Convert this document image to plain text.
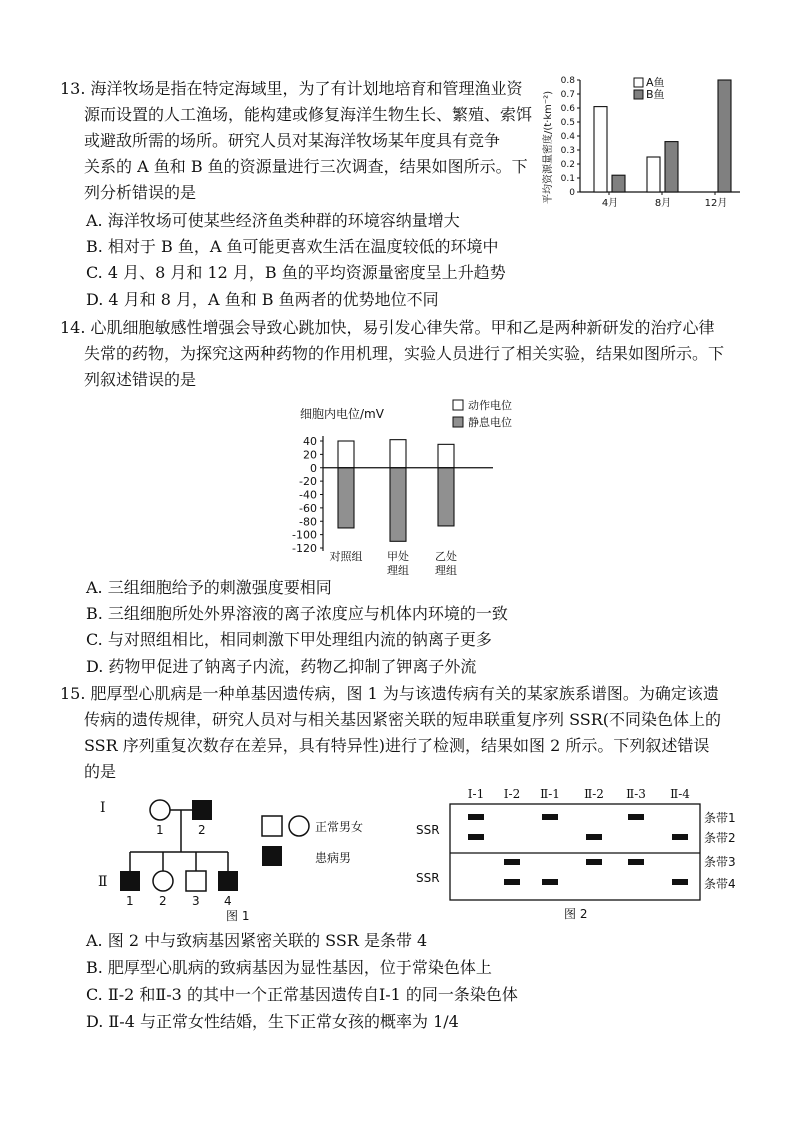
13. 海洋牧场是指在特定海域里，为了有计划地培育和管理渔业资
源而设置的人工渔场，能构建或修复海洋生物生长、繁殖、索饵
或避敌所需的场所。研究人员对某海洋牧场某年度具有竞争
关系的 A 鱼和 B 鱼的资源量进行三次调查，结果如图所示。下
列分析错误的是
A. 海洋牧场可使某些经济鱼类种群的环境容纳量增大
B. 相对于 B 鱼，A 鱼可能更喜欢生活在温度较低的环境中
C. 4 月、8 月和 12 月，B 鱼的平均资源量密度呈上升趋势
D. 4 月和 8 月，A 鱼和 B 鱼两者的优势地位不同
平均资源量密度/(t·km⁻²) 0
0.1
0.2
0.3
0.4
0.5
0.6
0.7
0.8
4月	8月	12月
A鱼
B鱼
14. 心肌细胞敏感性增强会导致心跳加快，易引发心律失常。甲和乙是两种新研发的治疗心律
失常的药物，为探究这两种药物的作用机理，实验人员进行了相关实验，结果如图所示。下
列叙述错误的是
A. 三组细胞给予的刺激强度要相同
B. 三组细胞所处外界溶液的离子浓度应与机体内环境的一致
C. 与对照组相比，相同刺激下甲处理组内流的钠离子更多
D. 药物甲促进了钠离子内流，药物乙抑制了钾离子外流
细胞内电位/mV
40
20
0
-20
-40
-60
-80
-100
-120
对照组 甲处
理组
乙处
理组
动作电位
静息电位
15. 肥厚型心肌病是一种单基因遗传病，图 1 为与该遗传病有关的某家族系谱图。为确定该遗
传病的遗传规律，研究人员对与相关基因紧密关联的短串联重复序列 SSR(不同染色体上的
SSR 序列重复次数存在差异，具有特异性)进行了检测，结果如图 2 所示。下列叙述错误
的是
A. 图 2 中与致病基因紧密关联的 SSR 是条带 4
B. 肥厚型心肌病的致病基因为显性基因，位于常染色体上
C. Ⅱ-2 和Ⅱ-3 的其中一个正常基因遗传自Ⅰ-1 的同一条染色体
D. Ⅱ-4 与正常女性结婚，生下正常女孩的概率为 1/4
Ⅰ
Ⅱ
1	2
1 2 3 4
图 1
正常男女
患病男
Ⅰ-1 Ⅰ-2 Ⅱ-1 Ⅱ-2 Ⅱ-3 Ⅱ-4
SSR
SSR
条带1
条带2
条带3
条带4
图 2
